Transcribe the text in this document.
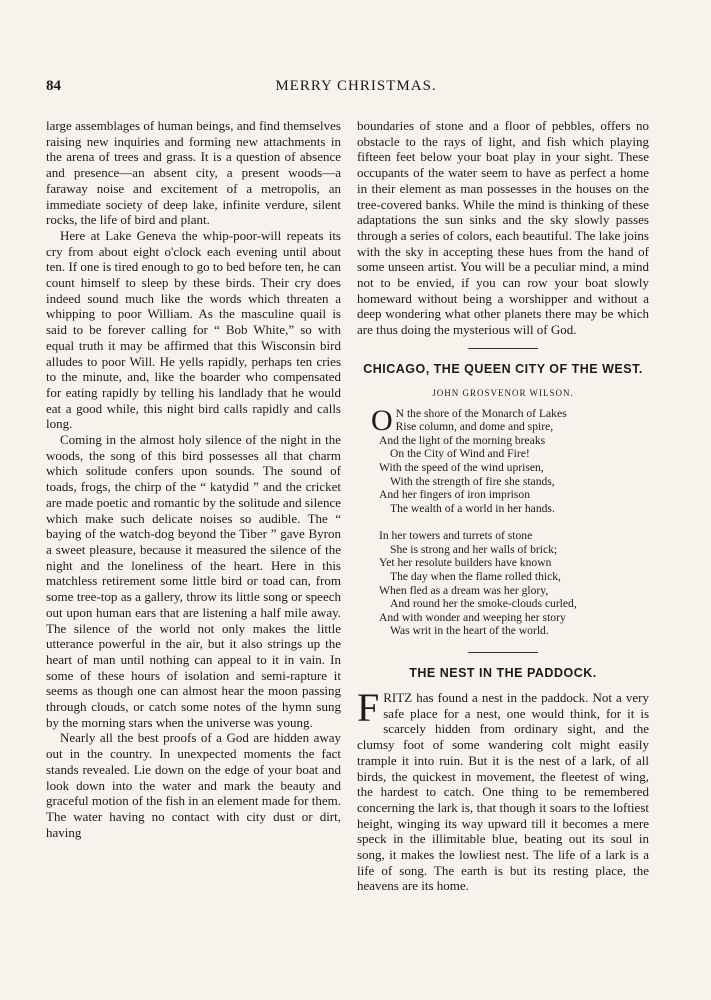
84	MERRY CHRISTMAS.

large assemblages of human beings, and find themselves raising new inquiries and forming new attachments in the arena of trees and grass. It is a question of absence and presence—an absent city, a present woods—a faraway noise and excitement of a metropolis, an immediate society of deep lake, infinite verdure, silent rocks, the life of bird and plant.

Here at Lake Geneva the whip-poor-will repeats its cry from about eight o'clock each evening until about ten. If one is tired enough to go to bed before ten, he can count himself to sleep by these birds. Their cry does indeed sound much like the words which threaten a whipping to poor William. As the masculine quail is said to be forever calling for “ Bob White,” so with equal truth it may be affirmed that this Wisconsin bird alludes to poor Will. He yells rapidly, perhaps ten cries to the minute, and, like the boarder who compensated for eating rapidly by telling his landlady that he would eat a good while, this night bird calls rapidly and calls long.

Coming in the almost holy silence of the night in the woods, the song of this bird possesses all that charm which solitude confers upon sounds. The sound of toads, frogs, the chirp of the “ katydid ” and the cricket are made poetic and romantic by the solitude and silence which make such delicate noises so audible. The “ baying of the watch-dog beyond the Tiber ” gave Byron a sweet pleasure, because it measured the silence of the night and the loneliness of the heart. Here in this matchless retirement some little bird or toad can, from some tree-top as a gallery, throw its little song or speech out upon human ears that are listening a half mile away. The silence of the world not only makes the little utterance powerful in the air, but it also strings up the heart of man until nothing can appeal to it in vain. In some of these hours of isolation and semi-rapture it seems as though one can almost hear the moon passing through clouds, or catch some notes of the hymn sung by the morning stars when the universe was young.

Nearly all the best proofs of a God are hidden away out in the country. In unexpected moments the fact stands revealed. Lie down on the edge of your boat and look down into the water and mark the beauty and graceful motion of the fish in an element made for them. The water having no contact with city dust or dirt, having

boundaries of stone and a floor of pebbles, offers no obstacle to the rays of light, and fish which playing fifteen feet below your boat play in your sight. These occupants of the water seem to have as perfect a home in their element as man possesses in the houses on the tree-covered banks. While the mind is thinking of these adaptations the sun sinks and the sky slowly passes through a series of colors, each beautiful. The lake joins with the sky in accepting these hues from the hand of some unseen artist. You will be a peculiar mind, a mind not to be envied, if you can row your boat slowly homeward without being a worshipper and without a deep wondering what other planets there may be which are thus doing the mysterious will of God.

CHICAGO, THE QUEEN CITY OF THE WEST.
JOHN GROSVENOR WILSON.
O N the shore of the Monarch of Lakes
Rise column, and dome and spire,
And the light of the morning breaks
On the City of Wind and Fire!
With the speed of the wind uprisen,
With the strength of fire she stands,
And her fingers of iron imprison
The wealth of a world in her hands.
In her towers and turrets of stone
She is strong and her walls of brick;
Yet her resolute builders have known
The day when the flame rolled thick,
When fled as a dream was her glory,
And round her the smoke-clouds curled,
And with wonder and weeping her story
Was writ in the heart of the world.
THE NEST IN THE PADDOCK.

FRITZ has found a nest in the paddock. Not a very safe place for a nest, one would think, for it is scarcely hidden from ordinary sight, and the clumsy foot of some wandering colt might easily trample it into ruin. But it is the nest of a lark, of all birds, the quickest in movement, the fleetest of wing, the hardest to catch. One thing to be remembered concerning the lark is, that though it soars to the loftiest height, winging its way upward till it becomes a mere speck in the illimitable blue, beating out its soul in song, it makes the lowliest nest. The life of a lark is a life of song. The earth is but its resting place, the heavens are its home.
